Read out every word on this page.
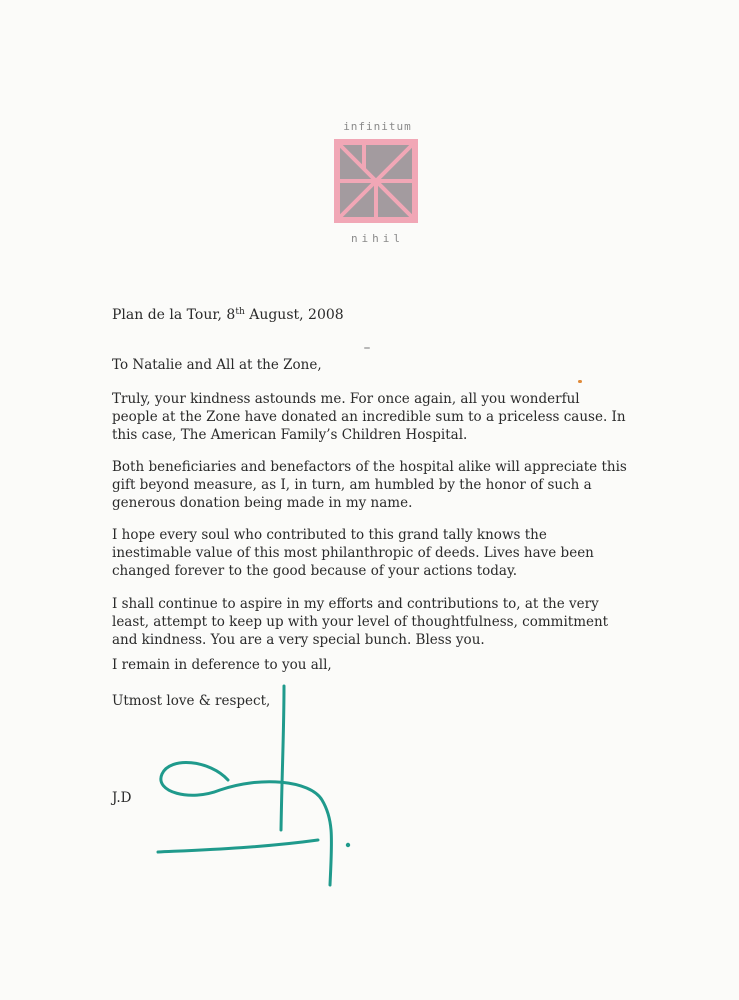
infinitum
nihil
Plan de la Tour, 8th August, 2008
To Natalie and All at the Zone,
Truly, your kindness astounds me. For once again, all you wonderful
people at the Zone have donated an incredible sum to a priceless cause. In
this case, The American Family’s Children Hospital.
Both beneficiaries and benefactors of the hospital alike will appreciate this
gift beyond measure, as I, in turn, am humbled by the honor of such a
generous donation being made in my name.
I hope every soul who contributed to this grand tally knows the
inestimable value of this most philanthropic of deeds. Lives have been
changed forever to the good because of your actions today.
I shall continue to aspire in my efforts and contributions to, at the very
least, attempt to keep up with your level of thoughtfulness, commitment
and kindness. You are a very special bunch. Bless you.
I remain in deference to you all,
Utmost love & respect,
J.D
